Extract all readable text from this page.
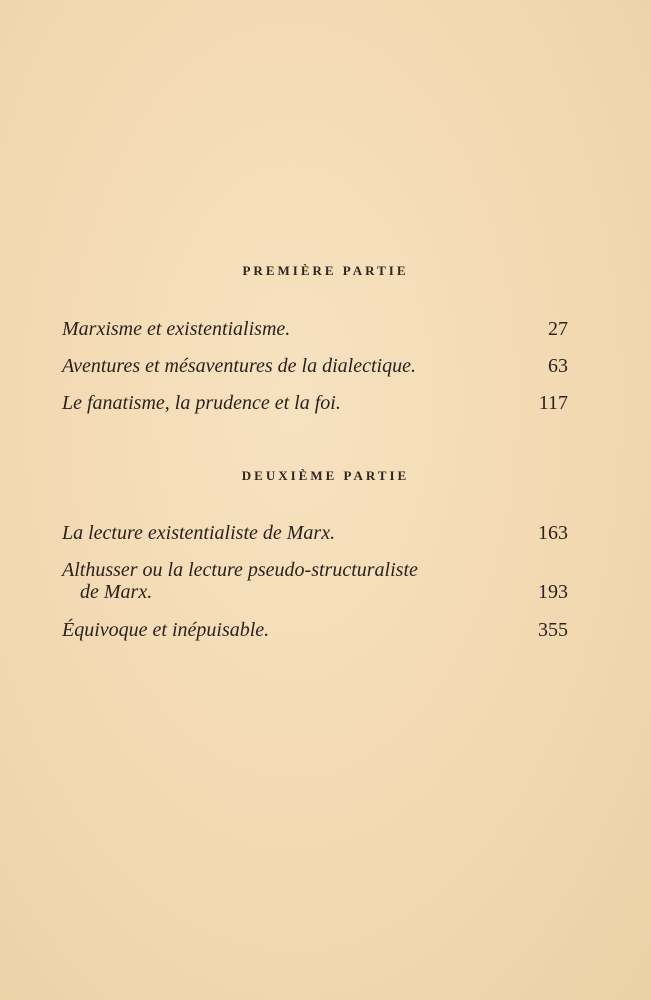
PREMIÈRE PARTIE
Marxisme et existentialisme.	27
Aventures et mésaventures de la dialectique.	63
Le fanatisme, la prudence et la foi.	117
DEUXIÈME PARTIE
La lecture existentialiste de Marx.	163
Althusser ou la lecture pseudo-structuraliste
de Marx.	193
Équivoque et inépuisable.	355
